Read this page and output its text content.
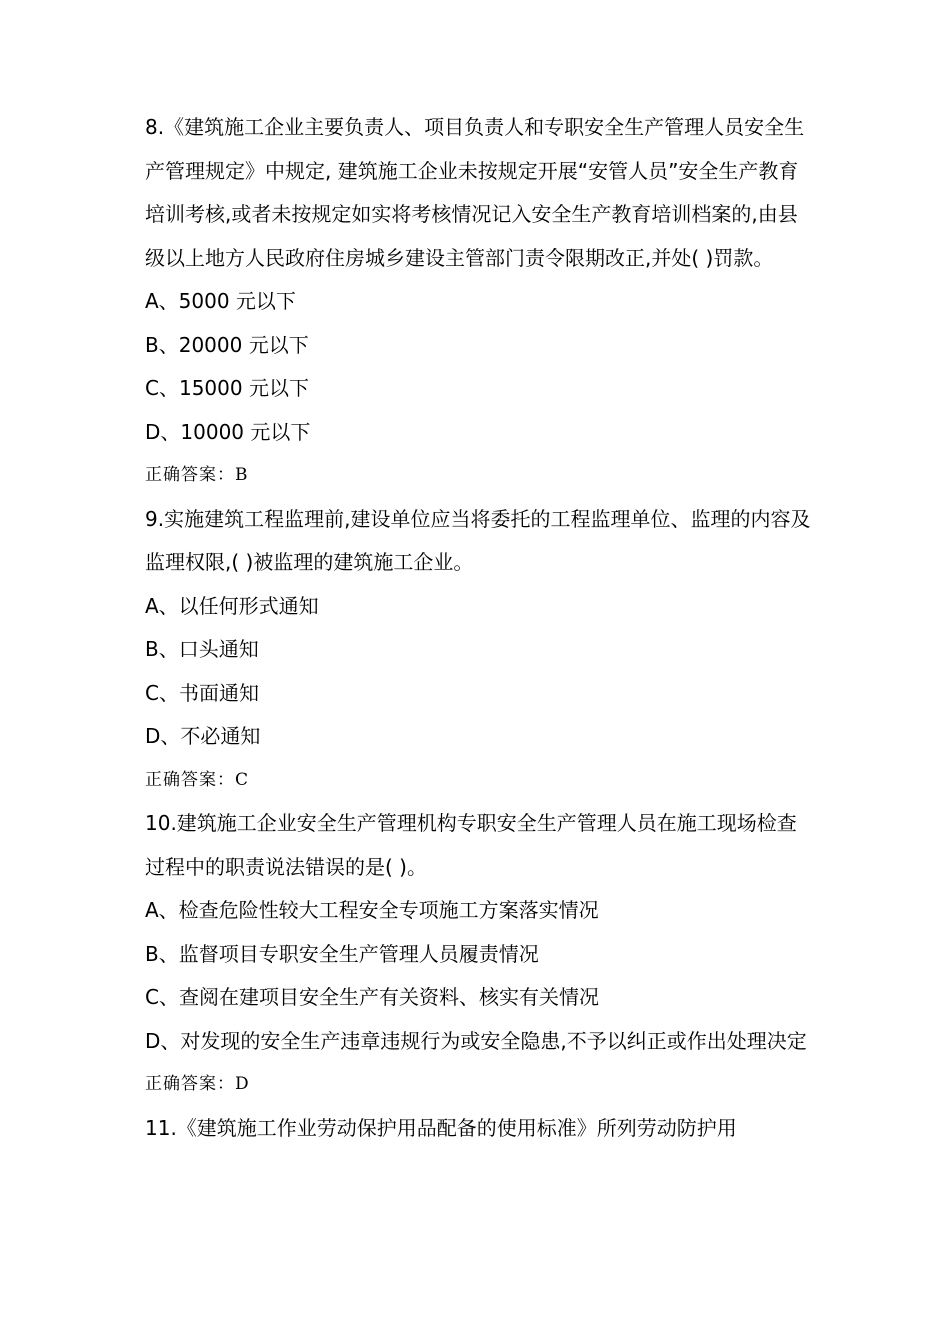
8.《建筑施工企业主要负责人、项目负责人和专职安全生产管理人员安全生产管理规定》中规定, 建筑施工企业未按规定开展“安管人员”安全生产教育培训考核,或者未按规定如实将考核情况记入安全生产教育培训档案的,由县级以上地方人民政府住房城乡建设主管部门责令限期改正,并处( )罚款。

A、5000 元以下

B、20000 元以下

C、15000 元以下

D、10000 元以下

正确答案：B

9.实施建筑工程监理前,建设单位应当将委托的工程监理单位、监理的内容及监理权限,( )被监理的建筑施工企业。

A、以任何形式通知

B、口头通知

C、书面通知

D、不必通知

正确答案：C

10.建筑施工企业安全生产管理机构专职安全生产管理人员在施工现场检查过程中的职责说法错误的是( )。

A、检查危险性较大工程安全专项施工方案落实情况

B、监督项目专职安全生产管理人员履责情况

C、查阅在建项目安全生产有关资料、核实有关情况

D、对发现的安全生产违章违规行为或安全隐患,不予以纠正或作出处理决定

正确答案：D

11.《建筑施工作业劳动保护用品配备的使用标准》所列劳动防护用
